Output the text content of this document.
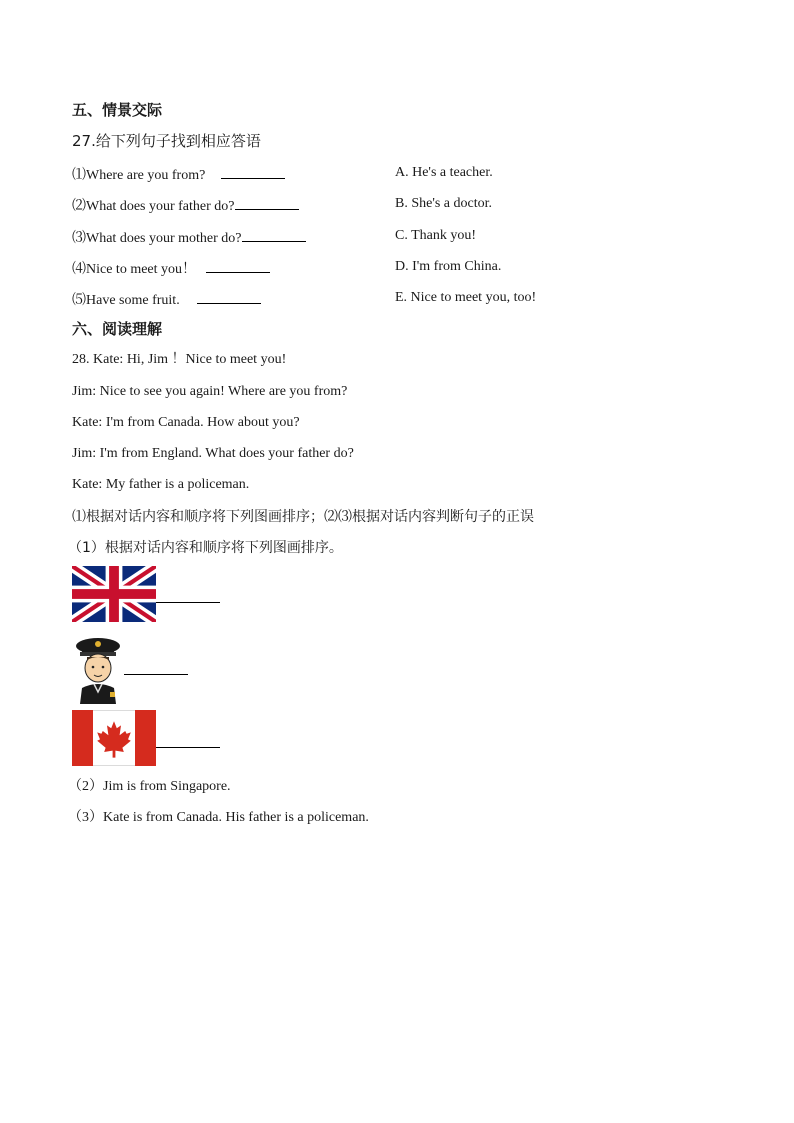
五、情景交际
27.给下列句子找到相应答语
⑴Where are you from?	A. He's a teacher.
⑵What does your father do?	B. She's a doctor.
⑶What does your mother do?	C. Thank you!
⑷Nice to meet you！	D. I'm from China.
⑸Have some fruit.	E. Nice to meet you, too!
六、阅读理解
28. Kate: Hi, Jim ！Nice to meet you!
Jim: Nice to see you again! Where are you from?
Kate: I'm from Canada. How about you?
Jim: I'm from England. What does your father do?
Kate: My father is a policeman.
⑴根据对话内容和顺序将下列图画排序；⑵⑶根据对话内容判断句子的正误
（1）根据对话内容和顺序将下列图画排序。
（2）Jim is from Singapore.
（3）Kate is from Canada. His father is a policeman.
